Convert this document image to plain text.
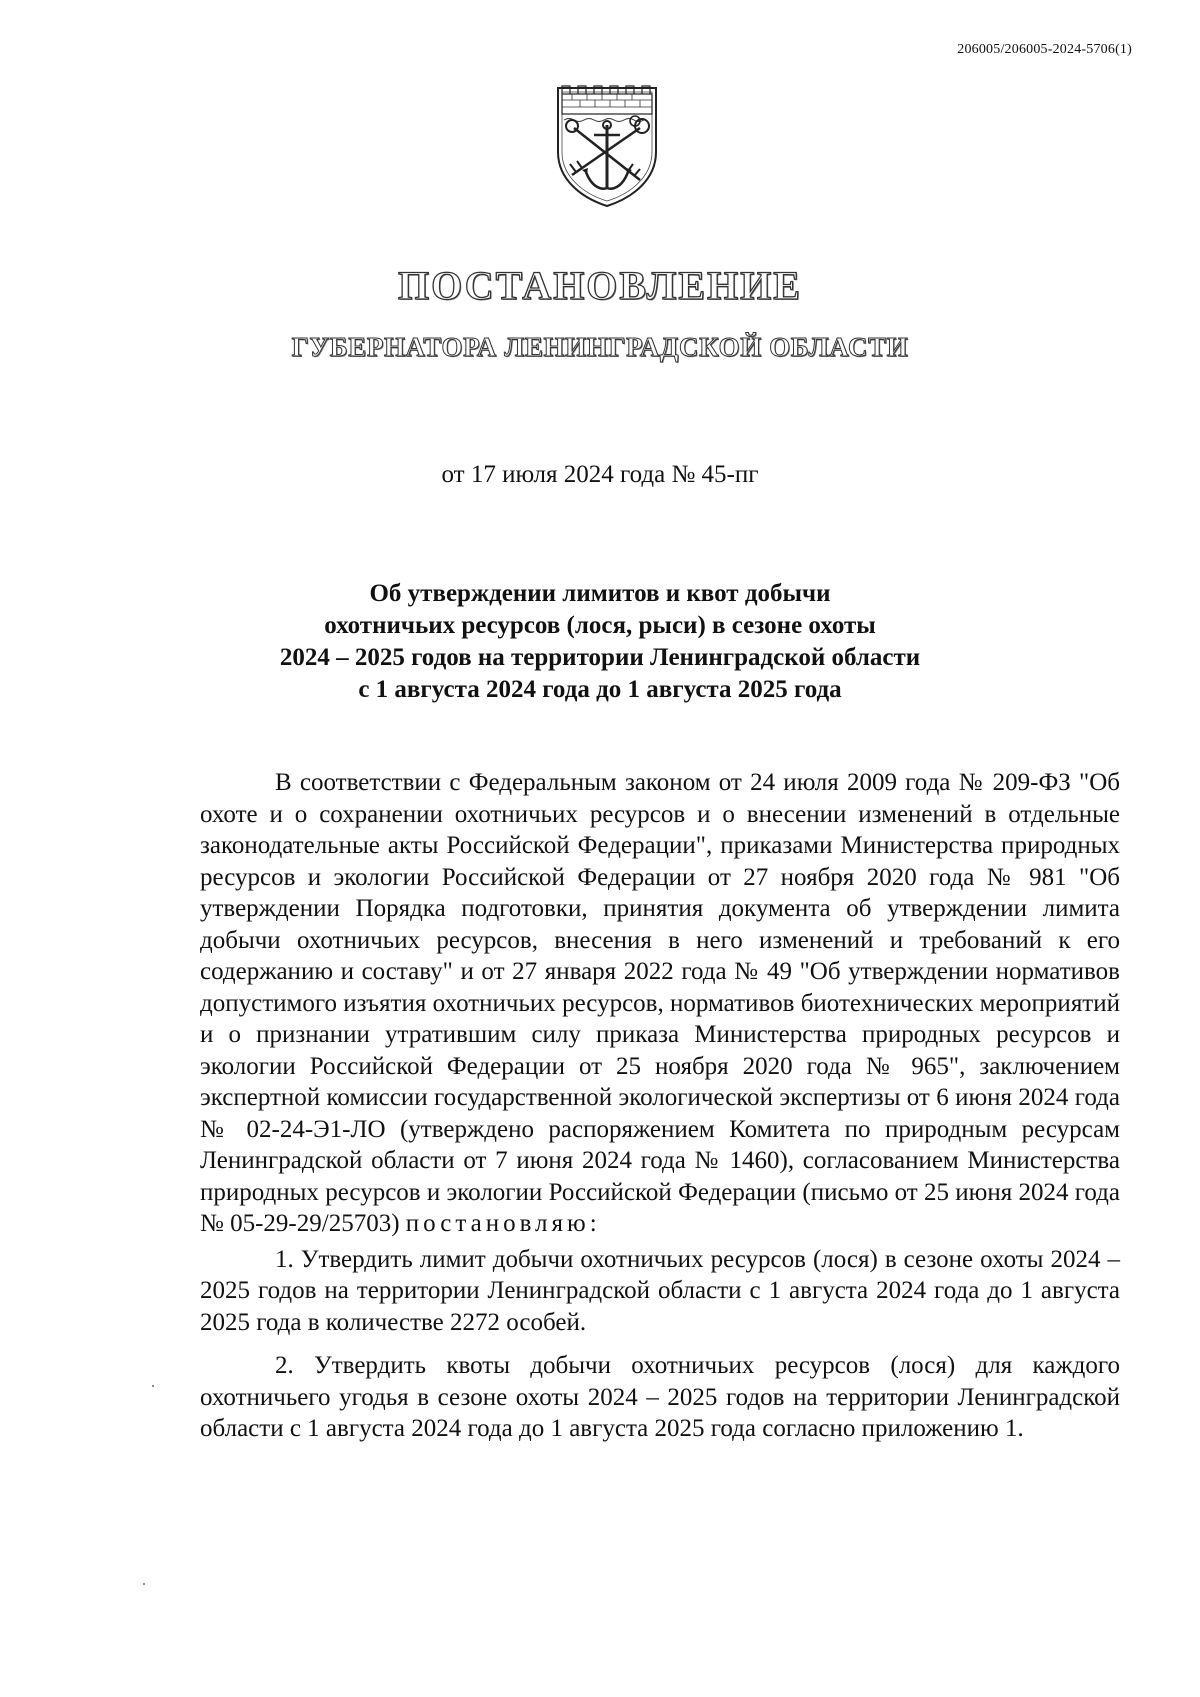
206005/206005-2024-5706(1)
ПОСТАНОВЛЕНИЕ
ГУБЕРНАТОРА ЛЕНИНГРАДСКОЙ ОБЛАСТИ
от 17 июля 2024 года № 45-пг
Об утверждении лимитов и квот добычи
охотничьих ресурсов (лося, рыси) в сезоне охоты
2024 – 2025 годов на территории Ленинградской области
с 1 августа 2024 года до 1 августа 2025 года

В соответствии с Федеральным законом от 24 июля 2009 года № 209-ФЗ "Об охоте и о сохранении охотничьих ресурсов и о внесении изменений в отдельные законодательные акты Российской Федерации", приказами Министерства природных ресурсов и экологии Российской Федерации от 27 ноября 2020 года № 981 "Об утверждении Порядка подготовки, принятия документа об утверждении лимита добычи охотничьих ресурсов, внесения в него изменений и требований к его содержанию и составу" и от 27 января 2022 года № 49 "Об утверждении нормативов допустимого изъятия охотничьих ресурсов, нормативов биотехнических мероприятий и о признании утратившим силу приказа Министерства природных ресурсов и экологии Российской Федерации от 25 ноября 2020 года № 965", заключением экспертной комиссии государственной экологической экспертизы от 6 июня 2024 года № 02-24-Э1-ЛО (утверждено распоряжением Комитета по природным ресурсам Ленинградской области от 7 июня 2024 года № 1460), согласованием Министерства природных ресурсов и экологии Российской Федерации (письмо от 25 июня 2024 года № 05-29-29/25703) постановляю:

1. Утвердить лимит добычи охотничьих ресурсов (лося) в сезоне охоты 2024 – 2025 годов на территории Ленинградской области с 1 августа 2024 года до 1 августа 2025 года в количестве 2272 особей.

2. Утвердить квоты добычи охотничьих ресурсов (лося) для каждого охотничьего угодья в сезоне охоты 2024 – 2025 годов на территории Ленинградской области с 1 августа 2024 года до 1 августа 2025 года согласно приложению 1.
